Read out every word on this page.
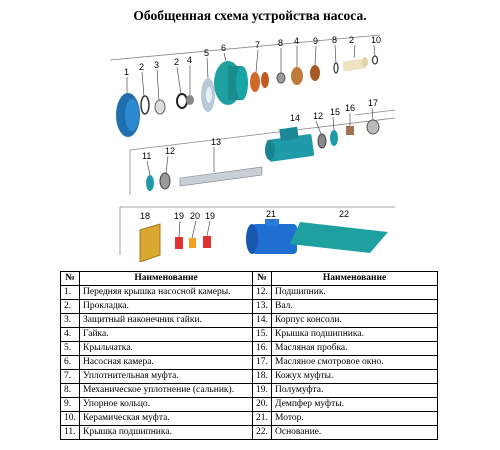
Обобщенная схема устройства насоса.
1 2 3 2 4
5 6	7 8 4 9 8 2 10
14 12 15 16 17
11 12
13
18	19 20 19	21	22
№	Наименование	№	Наименование
1.	Передняя крышка насосной камеры.	12.	Подшипник.
2.	Прокладка.	13.	Вал.
3.	Защитный наконечник гайки.	14.	Корпус консоли.
4.	Гайка.	15.	Крышка подшипника.
5.	Крыльчатка.	16.	Масляная пробка.
6.	Насосная камера.	17.	Масляное смотровое окно.
7.	Уплотнительная муфта.	18.	Кожух муфты.
8.	Механическое уплотнение (сальник).	19.	Полумуфта.
9.	Упорное кольцо.	20.	Демпфер муфты.
10.	Керамическая муфта.	21.	Мотор.
11.	Крышка подшипника.	22.	Основание.
